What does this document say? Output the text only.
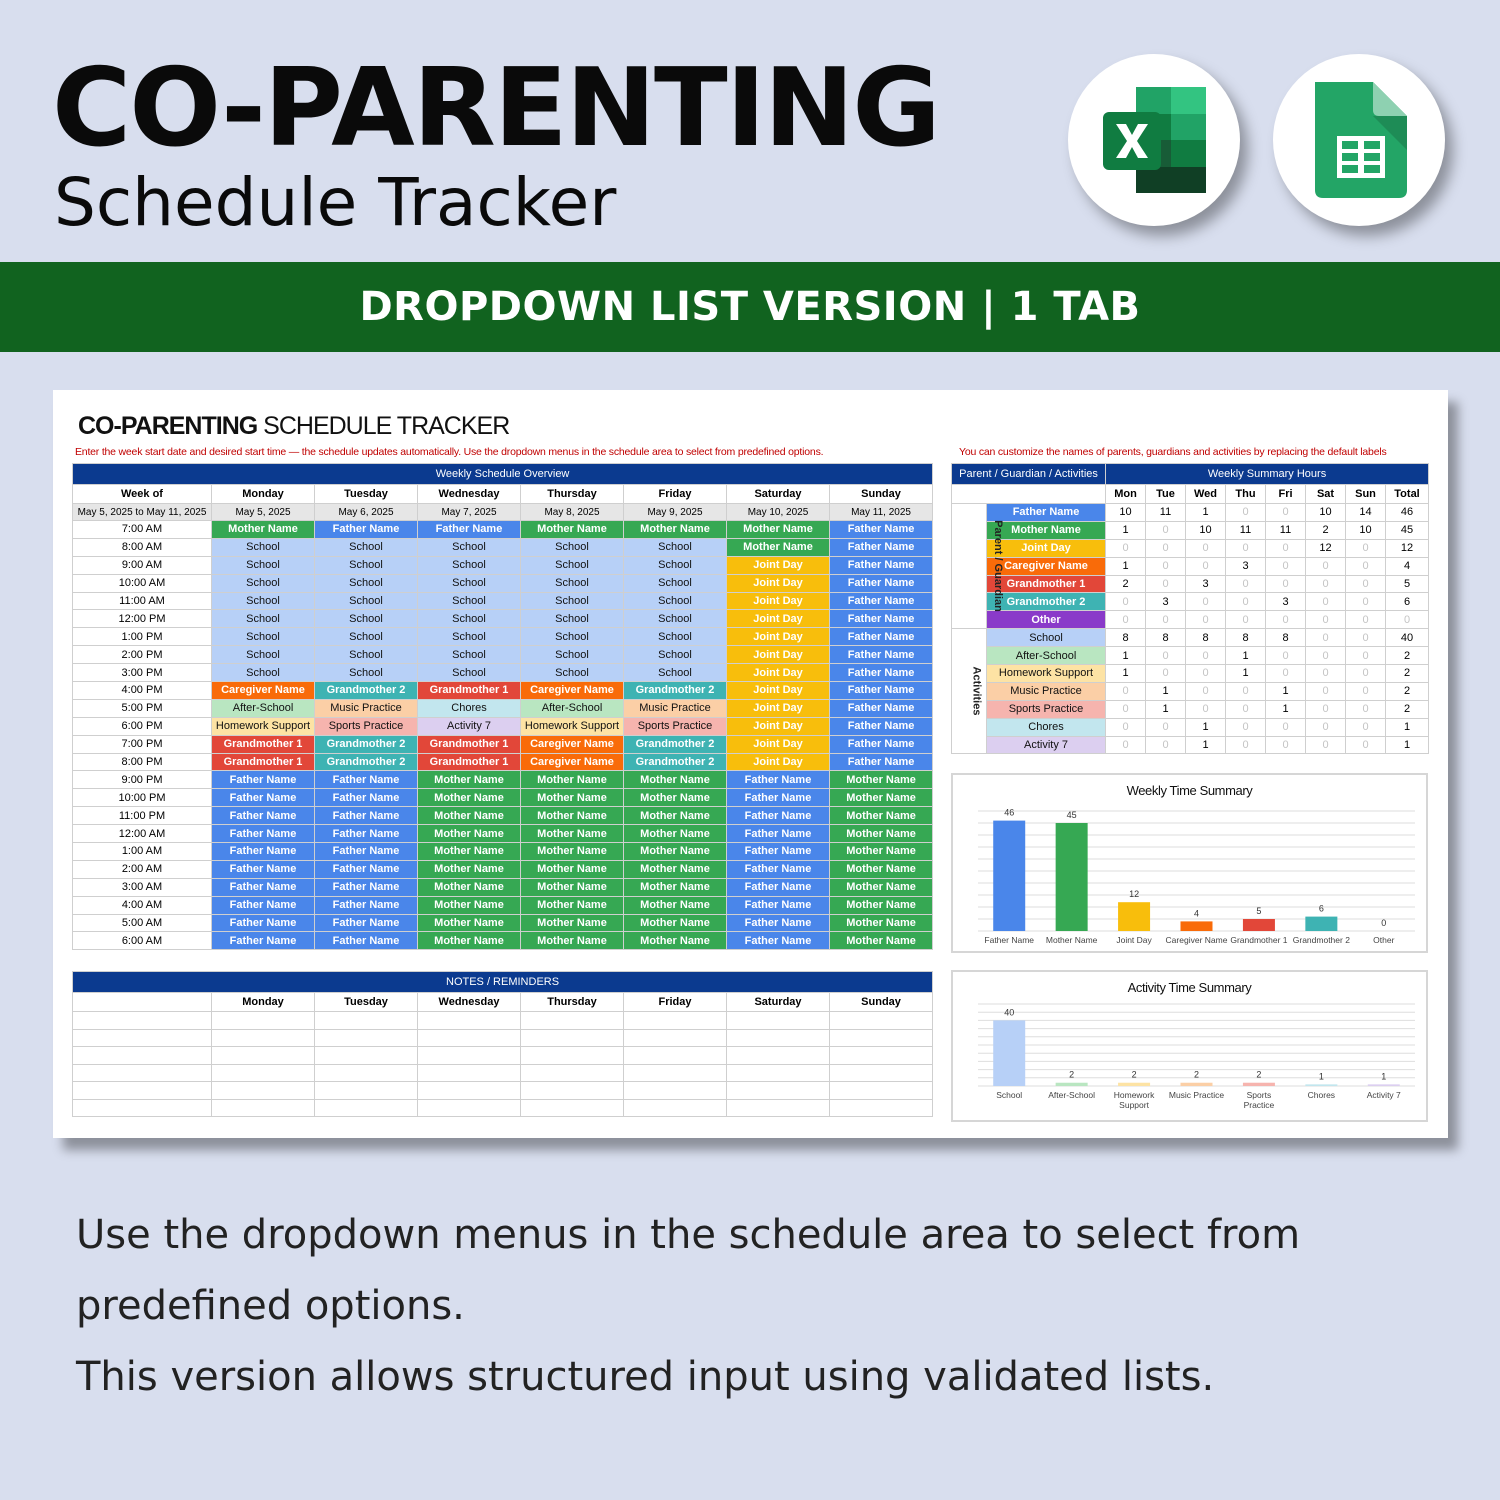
CO-PARENTING
Schedule Tracker
DROPDOWN LIST VERSION | 1 TAB
CO-PARENTING SCHEDULE TRACKER
Enter the week start date and desired start time — the schedule updates automatically. Use the dropdown menus in the schedule area to select from predefined options.	You can customize the names of parents, guardians and activities by replacing the default labels
Weekly Schedule Overview							
Week of	Monday	Tuesday	Wednesday	Thursday	Friday	Saturday	Sunday
May 5, 2025 to May 11, 2025	May 5, 2025	May 6, 2025	May 7, 2025	May 8, 2025	May 9, 2025	May 10, 2025	May 11, 2025
7:00 AM	Mother Name	Father Name	Father Name	Mother Name	Mother Name	Mother Name	Father Name
8:00 AM	School	School	School	School	School	Mother Name	Father Name
9:00 AM	School	School	School	School	School	Joint Day	Father Name
10:00 AM	School	School	School	School	School	Joint Day	Father Name
11:00 AM	School	School	School	School	School	Joint Day	Father Name
12:00 PM	School	School	School	School	School	Joint Day	Father Name
1:00 PM	School	School	School	School	School	Joint Day	Father Name
2:00 PM	School	School	School	School	School	Joint Day	Father Name
3:00 PM	School	School	School	School	School	Joint Day	Father Name
4:00 PM	Caregiver Name	Grandmother 2	Grandmother 1	Caregiver Name	Grandmother 2	Joint Day	Father Name
5:00 PM	After-School	Music Practice	Chores	After-School	Music Practice	Joint Day	Father Name
6:00 PM	Homework Support	Sports Practice	Activity 7	Homework Support	Sports Practice	Joint Day	Father Name
7:00 PM	Grandmother 1	Grandmother 2	Grandmother 1	Caregiver Name	Grandmother 2	Joint Day	Father Name
8:00 PM	Grandmother 1	Grandmother 2	Grandmother 1	Caregiver Name	Grandmother 2	Joint Day	Father Name
9:00 PM	Father Name	Father Name	Mother Name	Mother Name	Mother Name	Father Name	Mother Name
10:00 PM	Father Name	Father Name	Mother Name	Mother Name	Mother Name	Father Name	Mother Name
11:00 PM	Father Name	Father Name	Mother Name	Mother Name	Mother Name	Father Name	Mother Name
12:00 AM	Father Name	Father Name	Mother Name	Mother Name	Mother Name	Father Name	Mother Name
1:00 AM	Father Name	Father Name	Mother Name	Mother Name	Mother Name	Father Name	Mother Name
2:00 AM	Father Name	Father Name	Mother Name	Mother Name	Mother Name	Father Name	Mother Name
3:00 AM	Father Name	Father Name	Mother Name	Mother Name	Mother Name	Father Name	Mother Name
4:00 AM	Father Name	Father Name	Mother Name	Mother Name	Mother Name	Father Name	Mother Name
5:00 AM	Father Name	Father Name	Mother Name	Mother Name	Mother Name	Father Name	Mother Name
6:00 AM	Father Name	Father Name	Mother Name	Mother Name	Mother Name	Father Name	Mother Name
NOTES / REMINDERS							
	Monday	Tuesday	Wednesday	Thursday	Friday	Saturday	Sunday

Parent / Guardian / Activities		Weekly Summary Hours							
		Mon	Tue	Wed	Thu	Fri	Sat	Sun	Total
Parent / Guardian	Father Name	10	11	1	0	0	10	14	46
	Mother Name	1	0	10	11	11	2	10	45
	Joint Day	0	0	0	0	0	12	0	12
	Caregiver Name	1	0	0	3	0	0	0	4
	Grandmother 1	2	0	3	0	0	0	0	5
	Grandmother 2	0	3	0	0	3	0	0	6
	Other	0	0	0	0	0	0	0	0
Activities	School	8	8	8	8	8	0	0	40
	After-School	1	0	0	1	0	0	0	2
	Homework Support	1	0	0	1	0	0	0	2
	Music Practice	0	1	0	0	1	0	0	2
	Sports Practice	0	1	0	0	1	0	0	2
	Chores	0	0	1	0	0	0	0	1
	Activity 7	0	0	1	0	0	0	0	1
Weekly Time Summary
46
Father Name
45
Mother Name
12
Joint Day
4
Caregiver Name
5
Grandmother 1
6
Grandmother 2
0
Other
Activity Time Summary
40
School
2
After-School
2
Homework
Support
2
Music Practice
2
Sports
Practice
1
Chores
1
Activity 7
Use the dropdown menus in the schedule area to select from predefined options.
This version allows structured input using validated lists.
